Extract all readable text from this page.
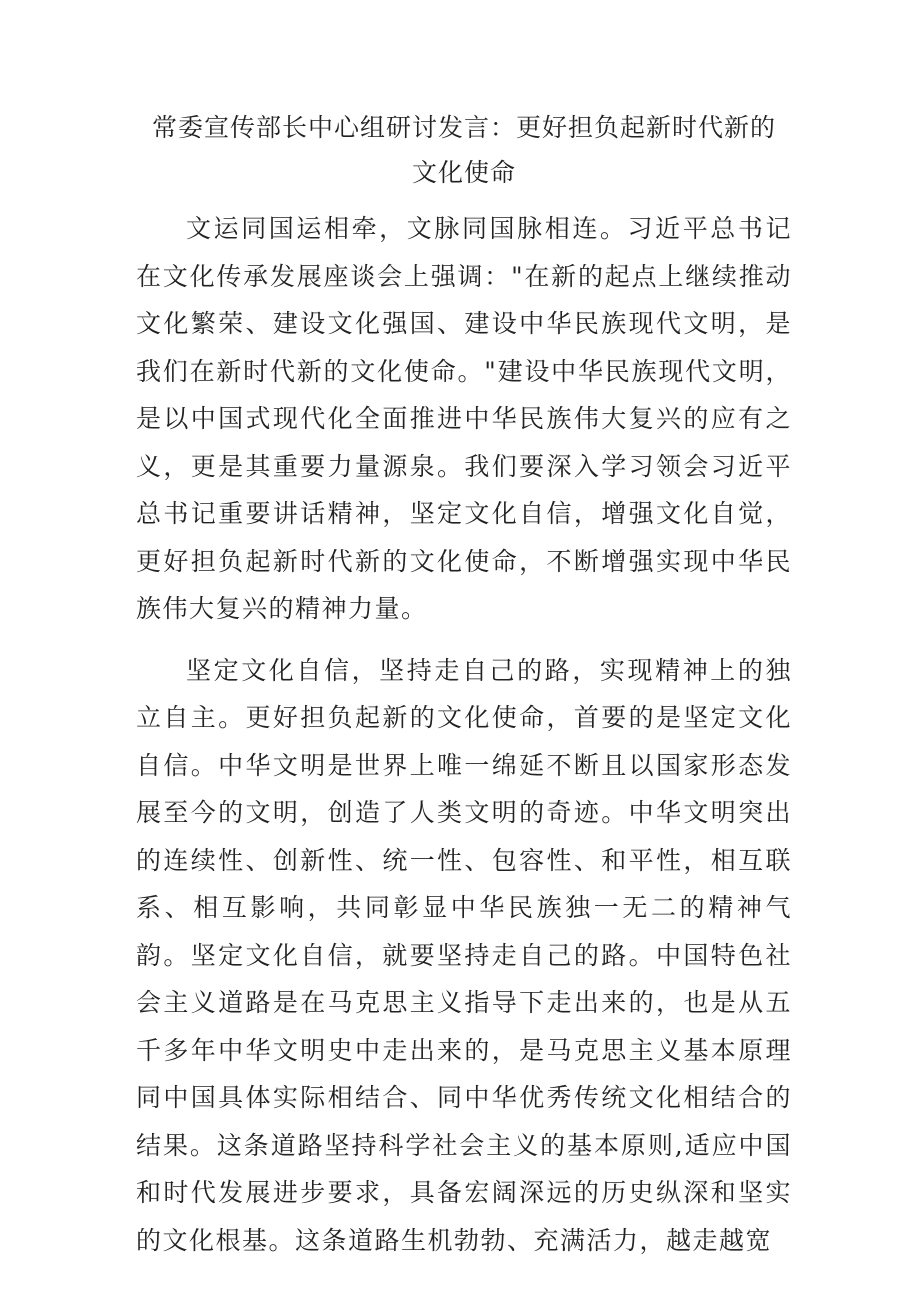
常委宣传部长中心组研讨发言：更好担负起新时代新的文化使命

文运同国运相牵，文脉同国脉相连。习近平总书记在文化传承发展座谈会上强调："在新的起点上继续推动文化繁荣、建设文化强国、建设中华民族现代文明，是我们在新时代新的文化使命。"建设中华民族现代文明，是以中国式现代化全面推进中华民族伟大复兴的应有之义，更是其重要力量源泉。我们要深入学习领会习近平总书记重要讲话精神，坚定文化自信，增强文化自觉，更好担负起新时代新的文化使命，不断增强实现中华民族伟大复兴的精神力量。

坚定文化自信，坚持走自己的路，实现精神上的独立自主。更好担负起新的文化使命，首要的是坚定文化自信。中华文明是世界上唯一绵延不断且以国家形态发展至今的文明，创造了人类文明的奇迹。中华文明突出的连续性、创新性、统一性、包容性、和平性，相互联系、相互影响，共同彰显中华民族独一无二的精神气韵。坚定文化自信，就要坚持走自己的路。中国特色社会主义道路是在马克思主义指导下走出来的，也是从五千多年中华文明史中走出来的，是马克思主义基本原理同中国具体实际相结合、同中华优秀传统文化相结合的结果。这条道路坚持科学社会主义的基本原则,适应中国和时代发展进步要求，具备宏阔深远的历史纵深和坚实的文化根基。这条道路生机勃勃、充满活力，越走越宽
